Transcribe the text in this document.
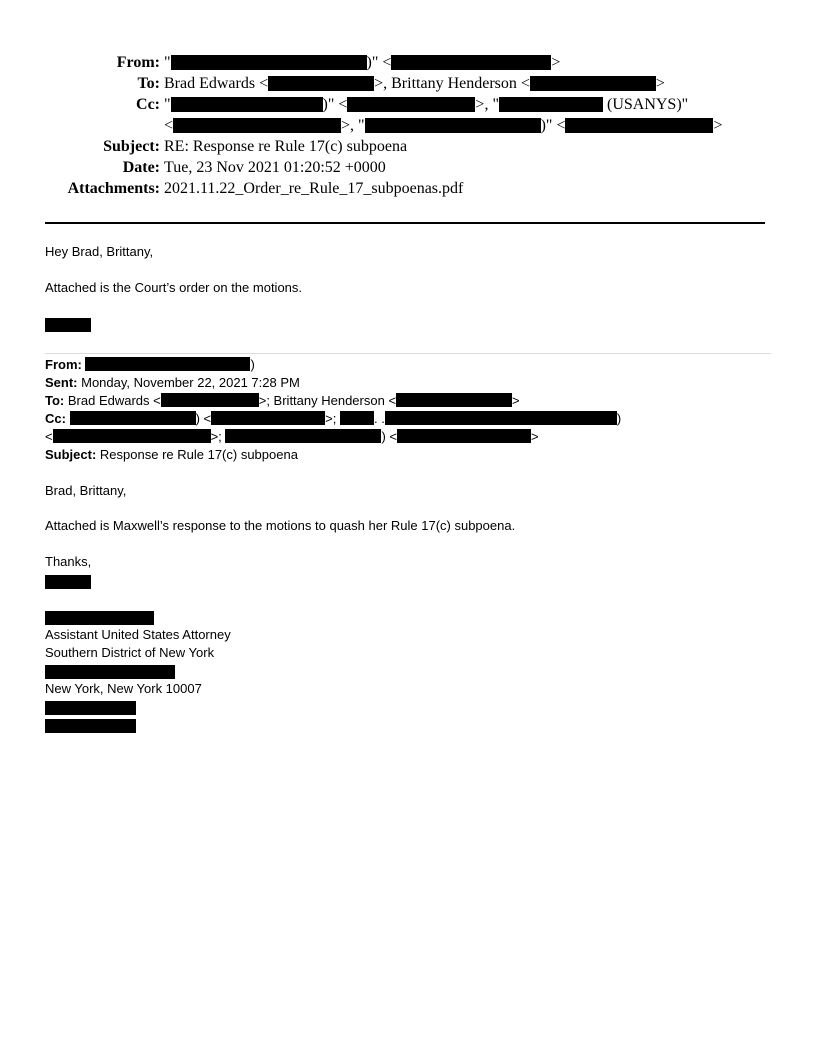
From: "	)" <	>
To: Brad Edwards <	>, Brittany Henderson <	>
Cc: "	)" <	>, "	(USANYS)"
<	>, "	)" <	>
Subject: RE: Response re Rule 17(c) subpoena
Date: Tue, 23 Nov 2021 01:20:52 +0000
Attachments: 2021.11.22_Order_re_Rule_17_subpoenas.pdf
Hey Brad, Brittany,
Attached is the Court’s order on the motions.
From:	)
Sent: Monday, November 22, 2021 7:28 PM
To: Brad Edwards <	>; Brittany Henderson <	>
Cc:	) <	>;	. .	)
<	>;	) <	>
Subject: Response re Rule 17(c) subpoena
Brad, Brittany,
Attached is Maxwell’s response to the motions to quash her Rule 17(c) subpoena.
Thanks,
Assistant United States Attorney
Southern District of New York
New York, New York 10007
